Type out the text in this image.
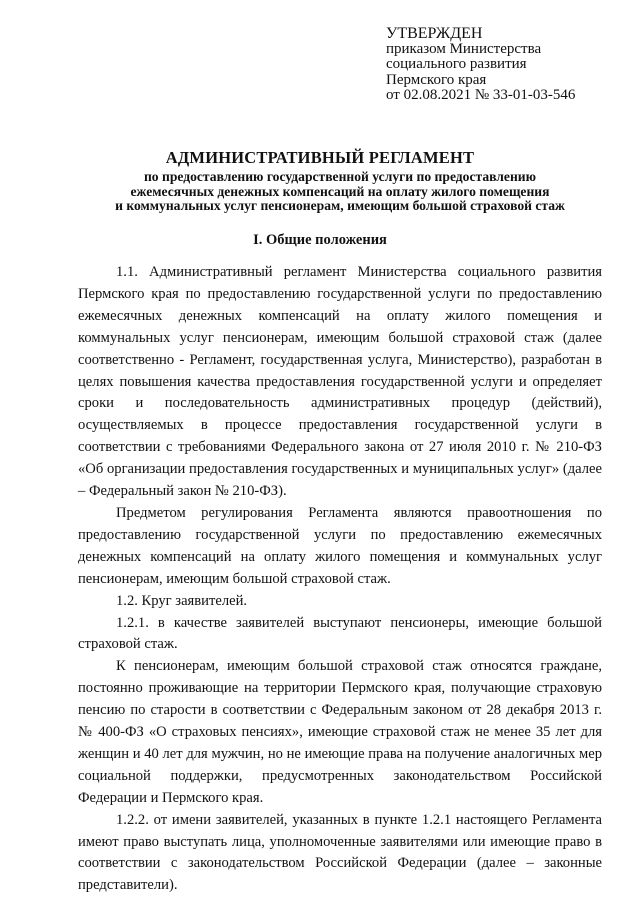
УТВЕРЖДЕН
приказом Министерства
социального развития
Пермского края
от 02.08.2021 № 33-01-03-546
АДМИНИСТРАТИВНЫЙ РЕГЛАМЕНТ
по предоставлению государственной услуги по предоставлению
ежемесячных денежных компенсаций на оплату жилого помещения
и коммунальных услуг пенсионерам, имеющим большой страховой стаж
I. Общие положения

1.1. Административный регламент Министерства социального развития Пермского края по предоставлению государственной услуги по предоставлению ежемесячных денежных компенсаций на оплату жилого помещения и коммунальных услуг пенсионерам, имеющим большой страховой стаж (далее соответственно - Регламент, государственная услуга, Министерство), разработан в целях повышения качества предоставления государственной услуги и определяет сроки и последовательность административных процедур (действий), осуществляемых в процессе предоставления государственной услуги в соответствии с требованиями Федерального закона от 27 июля 2010 г. № 210-ФЗ «Об организации предоставления государственных и муниципальных услуг» (далее – Федеральный закон № 210-ФЗ).

Предметом регулирования Регламента являются правоотношения по предоставлению государственной услуги по предоставлению ежемесячных денежных компенсаций на оплату жилого помещения и коммунальных услуг пенсионерам, имеющим большой страховой стаж.

1.2. Круг заявителей.

1.2.1. в качестве заявителей выступают пенсионеры, имеющие большой страховой стаж.

К пенсионерам, имеющим большой страховой стаж относятся граждане, постоянно проживающие на территории Пермского края, получающие страховую пенсию по старости в соответствии с Федеральным законом от 28 декабря 2013 г. № 400-ФЗ «О страховых пенсиях», имеющие страховой стаж не менее 35 лет для женщин и 40 лет для мужчин, но не имеющие права на получение аналогичных мер социальной поддержки, предусмотренных законодательством Российской Федерации и Пермского края.

1.2.2. от имени заявителей, указанных в пункте 1.2.1 настоящего Регламента имеют право выступать лица, уполномоченные заявителями или имеющие право в соответствии с законодательством Российской Федерации (далее – законные представители).
